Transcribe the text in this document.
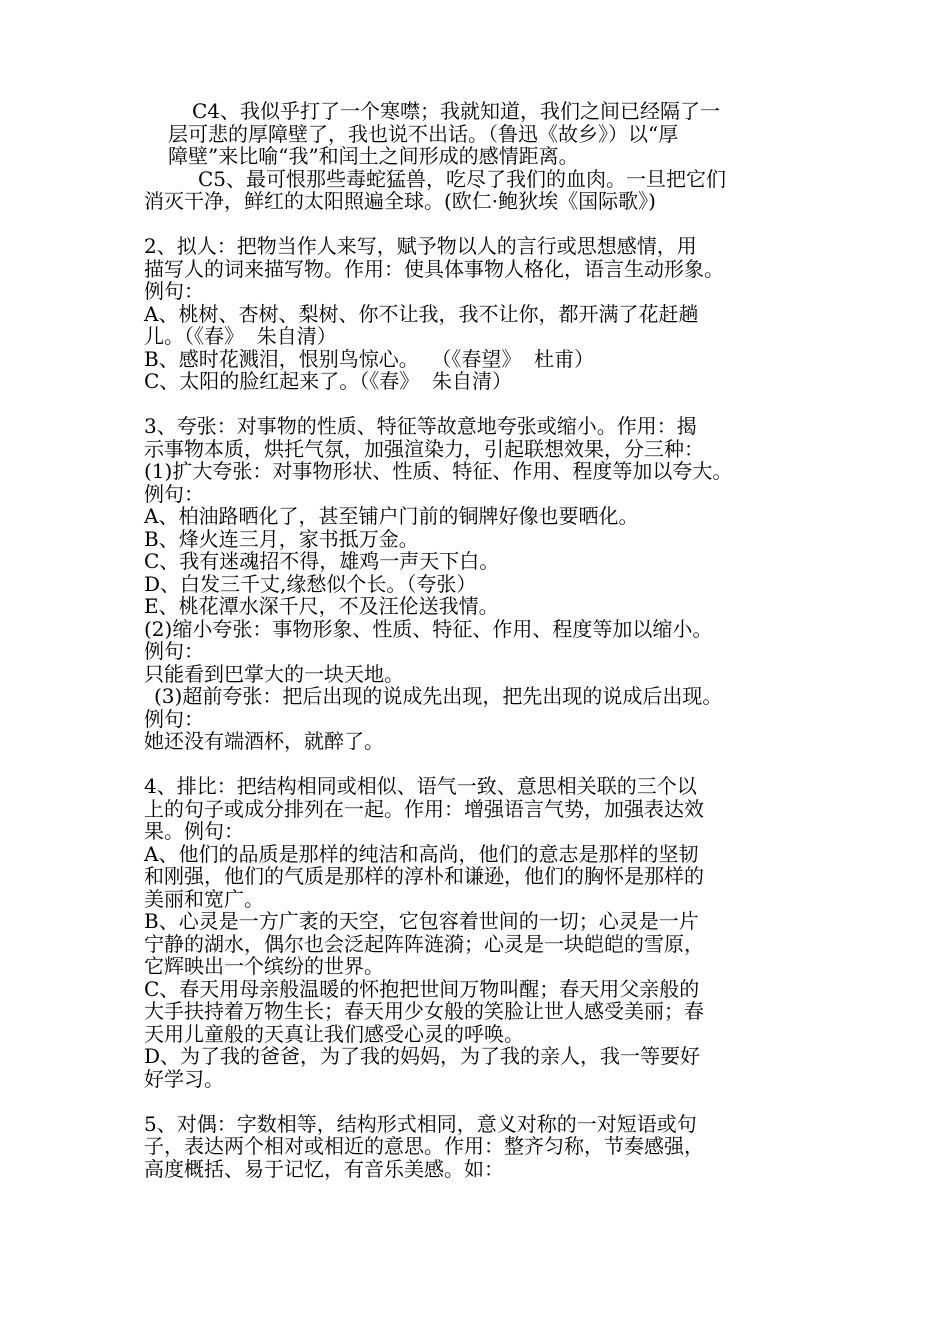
C4、我似乎打了一个寒噤；我就知道，我们之间已经隔了一
层可悲的厚障壁了，我也说不出话。（鲁迅《故乡》）以“厚
障壁”来比喻“我”和闰土之间形成的感情距离。
C5、最可恨那些毒蛇猛兽，吃尽了我们的血肉。一旦把它们
消灭干净，鲜红的太阳照遍全球。(欧仁·鲍狄埃《国际歌》)
2、拟人：把物当作人来写，赋予物以人的言行或思想感情，用
描写人的词来描写物。作用：使具体事物人格化，语言生动形象。
例句：
A、桃树、杏树、梨树、你不让我，我不让你，都开满了花赶趟
儿。（《春》  朱自清）
B、感时花溅泪，恨别鸟惊心。  （《春望》  杜甫）
C、太阳的脸红起来了。（《春》  朱自清）
3、夸张：对事物的性质、特征等故意地夸张或缩小。作用：揭
示事物本质，烘托气氛，加强渲染力，引起联想效果，分三种：
(1)扩大夸张：对事物形状、性质、特征、作用、程度等加以夸大。
例句：
A、柏油路晒化了，甚至铺户门前的铜牌好像也要晒化。
B、烽火连三月，家书抵万金。
C、我有迷魂招不得，雄鸡一声天下白。
D、白发三千丈,缘愁似个长。（夸张）
E、桃花潭水深千尺，不及汪伦送我情。
(2)缩小夸张：事物形象、性质、特征、作用、程度等加以缩小。
例句：
只能看到巴掌大的一块天地。
(3)超前夸张：把后出现的说成先出现，把先出现的说成后出现。
例句：
她还没有端酒杯，就醉了。
4、排比：把结构相同或相似、语气一致、意思相关联的三个以
上的句子或成分排列在一起。作用：增强语言气势，加强表达效
果。例句：
A、他们的品质是那样的纯洁和高尚，他们的意志是那样的坚韧
和刚强，他们的气质是那样的淳朴和谦逊，他们的胸怀是那样的
美丽和宽广。
B、心灵是一方广袤的天空，它包容着世间的一切；心灵是一片
宁静的湖水，偶尔也会泛起阵阵涟漪；心灵是一块皑皑的雪原，
它辉映出一个缤纷的世界。
C、春天用母亲般温暖的怀抱把世间万物叫醒；春天用父亲般的
大手扶持着万物生长；春天用少女般的笑脸让世人感受美丽；春
天用儿童般的天真让我们感受心灵的呼唤。
D、为了我的爸爸，为了我的妈妈，为了我的亲人，我一等要好
好学习。
5、对偶：字数相等，结构形式相同，意义对称的一对短语或句
子，表达两个相对或相近的意思。作用：整齐匀称，节奏感强，
高度概括、易于记忆，有音乐美感。如：
